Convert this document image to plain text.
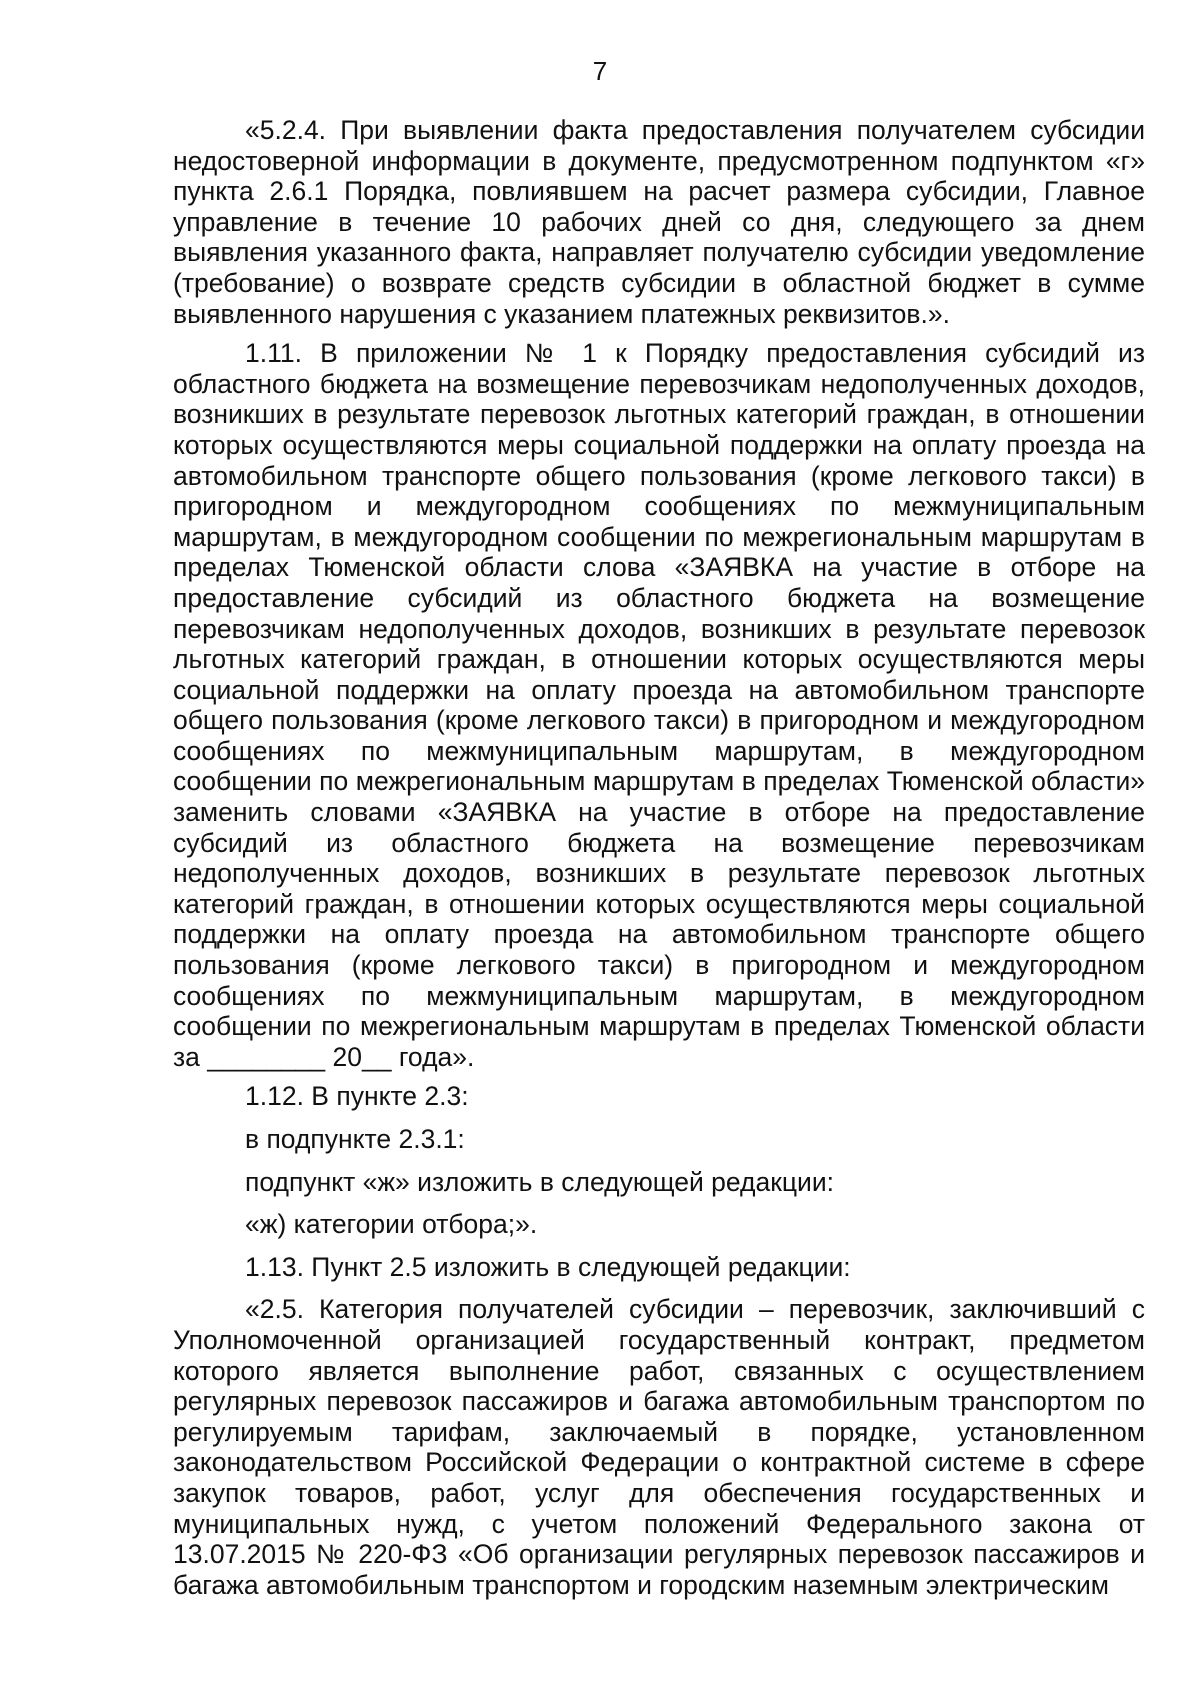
7

«5.2.4. При выявлении факта предоставления получателем субсидии недостоверной информации в документе, предусмотренном подпунктом «г» пункта 2.6.1 Порядка, повлиявшем на расчет размера субсидии, Главное управление в течение 10 рабочих дней со дня, следующего за днем выявления указанного факта, направляет получателю субсидии уведомление (требование) о возврате средств субсидии в областной бюджет в сумме выявленного нарушения с указанием платежных реквизитов.».

1.11. В приложении № 1 к Порядку предоставления субсидий из областного бюджета на возмещение перевозчикам недополученных доходов, возникших в результате перевозок льготных категорий граждан, в отношении которых осуществляются меры социальной поддержки на оплату проезда на автомобильном транспорте общего пользования (кроме легкового такси) в пригородном и междугородном сообщениях по межмуниципальным маршрутам, в междугородном сообщении по межрегиональным маршрутам в пределах Тюменской области слова «ЗАЯВКА на участие в отборе на предоставление субсидий из областного бюджета на возмещение перевозчикам недополученных доходов, возникших в результате перевозок льготных категорий граждан, в отношении которых осуществляются меры социальной поддержки на оплату проезда на автомобильном транспорте общего пользования (кроме легкового такси) в пригородном и междугородном сообщениях по межмуниципальным маршрутам, в междугородном сообщении по межрегиональным маршрутам в пределах Тюменской области» заменить словами «ЗАЯВКА на участие в отборе на предоставление субсидий из областного бюджета на возмещение перевозчикам недополученных доходов, возникших в результате перевозок льготных категорий граждан, в отношении которых осуществляются меры социальной поддержки на оплату проезда на автомобильном транспорте общего пользования (кроме легкового такси) в пригородном и междугородном сообщениях по межмуниципальным маршрутам, в междугородном сообщении по межрегиональным маршрутам в пределах Тюменской области за ________ 20__ года».

1.12. В пункте 2.3:

в подпункте 2.3.1:

подпункт «ж» изложить в следующей редакции:

«ж) категории отбора;».

1.13. Пункт 2.5 изложить в следующей редакции:

«2.5. Категория получателей субсидии – перевозчик, заключивший с Уполномоченной организацией государственный контракт, предметом которого является выполнение работ, связанных с осуществлением регулярных перевозок пассажиров и багажа автомобильным транспортом по регулируемым тарифам, заключаемый в порядке, установленном законодательством Российской Федерации о контрактной системе в сфере закупок товаров, работ, услуг для обеспечения государственных и муниципальных нужд, с учетом положений Федерального закона от 13.07.2015 № 220-ФЗ «Об организации регулярных перевозок пассажиров и багажа автомобильным транспортом и городским наземным электрическим
